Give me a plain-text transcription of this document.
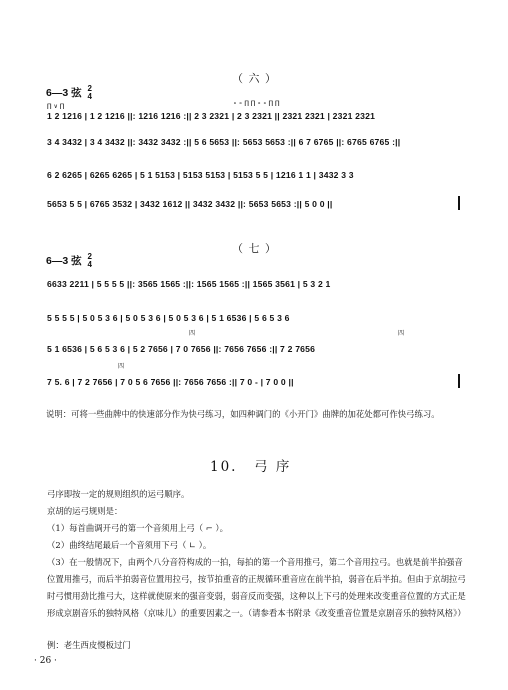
（ 六 ）
6—3 弦 2
4
∏ ∨ ∏	∘ ∘ ∏ ∏ ∘ ∘ ∏ ∏
1 2 1216 | 1 2 1216 ||: 1216 1216 :|| 2 3 2321 | 2 3 2321 || 2321 2321 | 2321 2321
3 4 3432 | 3 4 3432 ||: 3432 3432 :|| 5 6 5653 ||: 5653 5653 :|| 6 7 6765 ||: 6765 6765 :||
6 2 6265 | 6265 6265 | 5 1 5153 | 5153 5153 | 5153 5 5 | 1216 1 1 | 3432 3 3
5653 5 5 | 6765 3532 | 3432 1612 || 3432 3432 ||: 5653 5653 :|| 5 0 0 ||
（ 七 ）
6—3 弦 2
4
6633 2211 | 5 5 5 5 ||: 3565 1565 :||: 1565 1565 :|| 1565 3561 | 5 3 2 1
5 5 5 5 | 5 0 5 3 6 | 5 0 5 3 6 | 5 0 5 3 6 | 5 1 6536 | 5 6 5 3 6
四	四
5 1 6536 | 5 6 5 3 6 | 5 2 7656 | 7 0 7656 ||: 7656 7656 :|| 7 2 7656
四
7 5. 6 | 7 2 7656 | 7 0 5 6 7656 ||: 7656 7656 :|| 7 0 - | 7 0 0 ||
说明：可将一些曲牌中的快速部分作为快弓练习，如四种调门的《小开门》曲牌的加花处都可作快弓练习。
10. 弓 序
弓序即按一定的规则组织的运弓顺序。
京胡的运弓规则是：
（1）每首曲调开弓的第一个音须用上弓（ ⌐ ）。
（2）曲终结尾最后一个音须用下弓（ ∟ ）。
（3）在一般情况下，由两个八分音符构成的一拍，每拍的第一个音用推弓，第二个音用拉弓。也就是前半拍强音位置用推弓，而后半拍弱音位置用拉弓，按节拍重音的正规循环重音应在前半拍，弱音在后半拍。但由于京胡拉弓时弓惯用劲比推弓大，这样就使原来的强音变弱，弱音反而变强，这种以上下弓的处理来改变重音位置的方式正是形成京剧音乐的独特风格（京味儿）的重要因素之一。（请参看本书附录《改变重音位置是京剧音乐的独特风格》）
例：老生西皮慢板过门
· 26 ·
